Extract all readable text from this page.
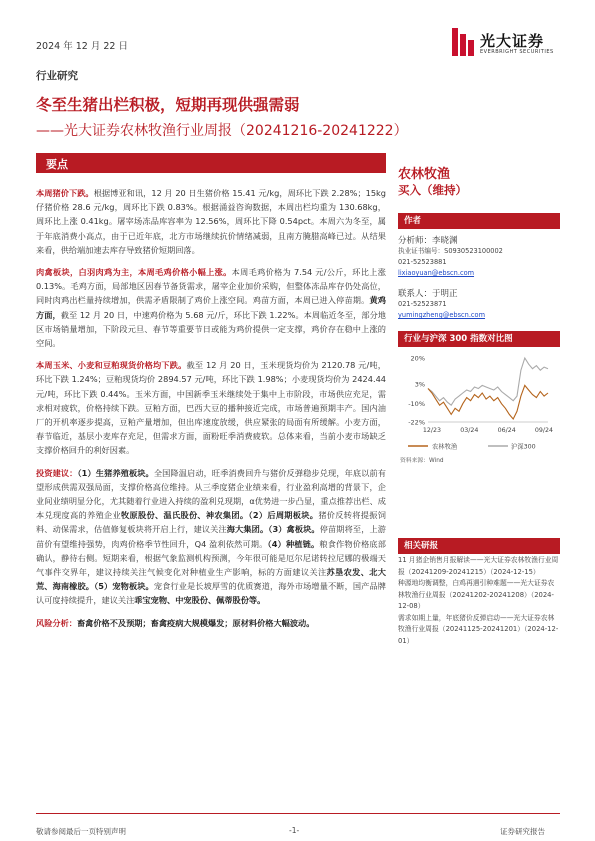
2024 年 12 月 22 日	光大证券
EVERBRIGHT SECURITIES
行业研究
冬至生猪出栏积极，短期再现供强需弱
——光大证券农林牧渔行业周报（20241216-20241222）
要点

本周猪价下跌。根据博亚和讯，12 月 20 日生猪价格 15.41 元/kg，周环比下跌 2.28%；15kg 仔猪价格 28.6 元/kg，周环比下跌 0.83%。根据涌益咨询数据，本周出栏均重为 130.68kg，周环比上涨 0.41kg。屠宰场冻品库容率为 12.56%，周环比下降 0.54pct。本周六为冬至，属于年底消费小高点，由于已近年底，北方市场继续抗价情绪减弱，且南方腌腊高峰已过。从结果来看，供给端加速去库存导致猪价短期回落。

肉禽板块，白羽肉鸡为主，本周毛鸡价格小幅上涨。本周毛鸡价格为 7.54 元/公斤，环比上涨 0.13%。毛鸡方面，局部地区因春节备货需求，屠宰企业加价采购，但整体冻品库存仍处高位，同时肉鸡出栏量持续增加，供需矛盾限制了鸡价上涨空间。鸡苗方面，本周已进入停苗期。黄鸡方面，截至 12 月 20 日，中速鸡价格为 5.68 元/斤，环比下跌 1.22%。本周临近冬至，部分地区市场销量增加，下阶段元旦、春节等重要节日或能为鸡价提供一定支撑，鸡价存在稳中上涨的空间。

本周玉米、小麦和豆粕现货价格均下跌。截至 12 月 20 日，玉米现货均价为 2120.78 元/吨，环比下跌 1.24%；豆粕现货均价 2894.57 元/吨，环比下跌 1.98%；小麦现货均价为 2424.44 元/吨，环比下跌 0.44%。玉米方面，中国新季玉米继续处于集中上市阶段，市场供应充足，需求相对疲软，价格持续下跌。豆粕方面，巴西大豆的播种接近完成，市场普遍预期丰产。国内油厂的开机率逐步提高，豆粕产量增加，但出库速度放缓，供应紧张的局面有所缓解。小麦方面，春节临近，基层小麦库存充足，但需求方面，面粉旺季消费疲软。总体来看，当前小麦市场缺乏支撑价格回升的利好因素。

投资建议：（1）生猪养殖板块。全国降温启动，旺季消费回升与猪价反弹稳步兑现，年底以前有望形成供需双强局面，支撑价格高位维持。从三季度猪企业绩来看，行业盈利高增的背景下，企业间业绩明显分化，尤其随着行业进入持续的盈利兑现期，α优势进一步凸显，重点推荐出栏、成本兑现度高的养殖企业牧原股份、温氏股份、神农集团。（2）后周期板块。猪价反转将提振饲料、动保需求，估值修复板块将开启上行，建议关注海大集团。（3）禽板块。停苗期将至，上游苗价有望维持强势，肉鸡价格季节性回升，Q4 盈利依然可期。（4）种植链。粮食作物价格底部确认，静待右侧。短期来看，根据气象监测机构预测，今年很可能是厄尔尼诺转拉尼娜的极端天气事件交界年，建议持续关注气候变化对种植业生产影响，标的方面建议关注苏垦农发、北大荒、海南橡胶。（5）宠物板块。宠食行业是长坡厚雪的优质赛道，海外市场增量不断，国产品牌认可度持续提升，建议关注乖宝宠物、中宠股份、佩蒂股份等。

风险分析：畜禽价格不及预期；畜禽疫病大规模爆发；原材料价格大幅波动。

农林牧渔
买入（维持）
作者
分析师：李晓渊
执业证书编号：S0930523100002
021-52523881
lixiaoyuan@ebscn.com
联系人：于明正
021-52523871
yumingzheng@ebscn.com
行业与沪深 300 指数对比图
20%
3%
-10%
-22%
12/23	03/24	06/24	09/24
农林牧渔	沪深300
资料来源：Wind
相关研报
11 月猪企销售月报解读——光大证券农林牧渔行业周报（20241209-20241215）（2024-12-15）
种源地均衡调整，白鸡再遇引种难题——光大证券农林牧渔行业周报（20241202-20241208）（2024-12-08）
需求如期上量，年底猪价反弹启动——光大证券农林牧渔行业周报（20241125-20241201）（2024-12-01）
敬请参阅最后一页特别声明	-1-	证券研究报告
